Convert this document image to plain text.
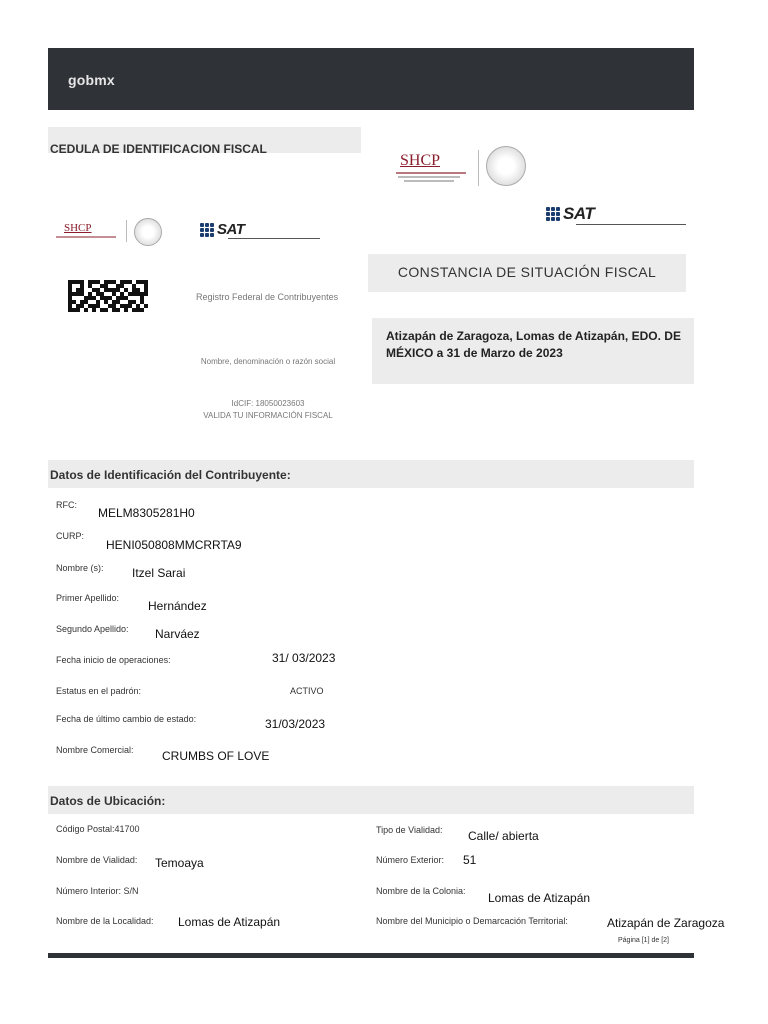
gobmx
CEDULA DE IDENTIFICACION FISCAL
SHCP
SAT
SHCP	SAT
Registro Federal de Contribuyentes
CONSTANCIA DE SITUACIÓN FISCAL
Atizapán de Zaragoza, Lomas de Atizapán, EDO. DE MÉXICO a 31 de Marzo de 2023
Nombre, denominación o razón social
IdCIF: 18050023603
VALIDA TU INFORMACIÓN FISCAL
Datos de Identificación del Contribuyente:
RFC:
MELM8305281H0
CURP:
HENI050808MMCRRTA9
Nombre (s): Itzel Sarai
Primer Apellido:
Hernández
Segundo Apellido: Narváez
Fecha inicio de operaciones:	31/ 03/2023
Estatus en el padrón:	ACTIVO
Fecha de último cambio de estado:	31/03/2023
Nombre Comercial: CRUMBS OF LOVE
Datos de Ubicación:
Código Postal:41700
Nombre de Vialidad: Temoaya
Número Interior: S/N
Nombre de la Localidad: Lomas de Atizapán
Tipo de Vialidad: Calle/ abierta
Número Exterior: 51
Nombre de la Colonia: Lomas de Atizapán
Nombre del Municipio o Demarcación Territorial:	Atizapán de Zaragoza
Página [1] de [2]
